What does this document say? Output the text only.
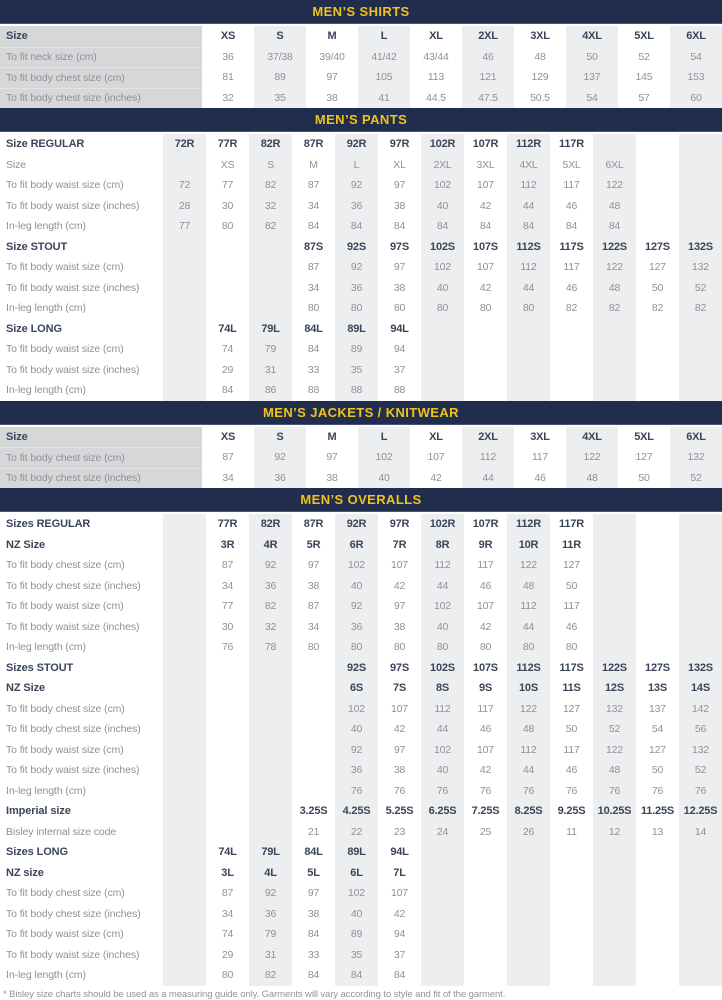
MEN’S SHIRTS
Size	XS	S	M	L	XL	2XL	3XL	4XL	5XL	6XL
To fit neck size (cm)	36	37/38	39/40	41/42	43/44	46	48	50	52	54
To fit body chest size (cm)	81	89	97	105	113	121	129	137	145	153
To fit body chest size (inches)	32	35	38	41	44.5	47.5	50.5	54	57	60
MEN’S PANTS
Size REGULAR	72R	77R	82R	87R	92R	97R	102R	107R	112R	117R
Size	XS	S	M	L	XL	2XL	3XL	4XL	5XL	6XL
To fit body waist size (cm)	72	77	82	87	92	97	102	107	112	117	122
To fit body waist size (inches)	28	30	32	34	36	38	40	42	44	46	48
In-leg length (cm)	77	80	82	84	84	84	84	84	84	84	84
Size STOUT	87S	92S	97S	102S	107S	112S	117S	122S	127S	132S
To fit body waist size (cm)	87	92	97	102	107	112	117	122	127	132
To fit body waist size (inches)	34	36	38	40	42	44	46	48	50	52
In-leg length (cm)	80	80	80	80	80	80	82	82	82	82
Size LONG	74L	79L	84L	89L	94L
To fit body waist size (cm)	74	79	84	89	94
To fit body waist size (inches)	29	31	33	35	37
In-leg length (cm)	84	86	88	88	88
MEN’S JACKETS / KNITWEAR
Size	XS	S	M	L	XL	2XL	3XL	4XL	5XL	6XL
To fit body chest size (cm)	87	92	97	102	107	112	117	122	127	132
To fit body chest size (inches)	34	36	38	40	42	44	46	48	50	52
MEN’S OVERALLS
Sizes REGULAR	77R	82R	87R	92R	97R	102R	107R	112R	117R
NZ Size	3R	4R	5R	6R	7R	8R	9R	10R	11R
To fit body chest size (cm)	87	92	97	102	107	112	117	122	127
To fit body chest size (inches)	34	36	38	40	42	44	46	48	50
To fit body waist size (cm)	77	82	87	92	97	102	107	112	117
To fit body waist size (inches)	30	32	34	36	38	40	42	44	46
In-leg length (cm)	76	78	80	80	80	80	80	80	80
Sizes STOUT	92S	97S	102S	107S	112S	117S	122S	127S	132S
NZ Size	6S	7S	8S	9S	10S	11S	12S	13S	14S
To fit body chest size (cm)	102	107	112	117	122	127	132	137	142
To fit body chest size (inches)	40	42	44	46	48	50	52	54	56
To fit body waist size (cm)	92	97	102	107	112	117	122	127	132
To fit body waist size (inches)	36	38	40	42	44	46	48	50	52
In-leg length (cm)	76	76	76	76	76	76	76	76	76
Imperial size	3.25S	4.25S	5.25S	6.25S	7.25S	8.25S	9.25S	10.25S 11.25S 12.25S
Bisley internal size code	21	22	23	24	25	26	11	12	13	14
Sizes LONG	74L	79L	84L	89L	94L
NZ size	3L	4L	5L	6L	7L
To fit body chest size (cm)	87	92	97	102	107
To fit body chest size (inches)	34	36	38	40	42
To fit body waist size (cm)	74	79	84	89	94
To fit body waist size (inches)	29	31	33	35	37
In-leg length (cm)	80	82	84	84	84
* Bisley size charts should be used as a measuring guide only. Garments will vary according to style and fit of the garment.
